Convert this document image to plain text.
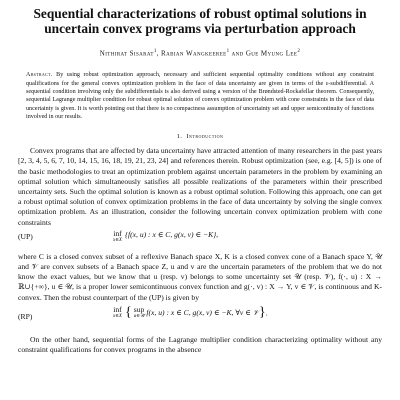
Sequential characterizations of robust optimal solutions in
uncertain convex programs via perturbation approach
Nithirat Sisarat$^1$, Rabian Wangkeeree$^1$ and Gue Myung Lee$^2$
Abstract. By using robust optimization approach, necessary and sufficient sequential optimality conditions without any constraint qualifications for the general convex optimization problem in the face of data uncertainty are given in terms of the ε-subdifferential. A sequential condition involving only the subdifferentials is also derived using a version of the Brøndsted-Rockafellar theorem. Consequently, sequential Lagrange multiplier condition for robust optimal solution of convex optimization problem with cone constraints in the face of data uncertainty is given. It is worth pointing out that there is no compactness assumption of uncertainty set and upper semicontinuity of functions involved in our results.
1. Introduction

Convex programs that are affected by data uncertainty have attracted attention of many researchers in the past years [2, 3, 4, 5, 6, 7, 10, 14, 15, 16, 18, 19, 21, 23, 24] and references therein. Robust optimization (see, e.g. [4, 5]) is one of the basic methodologies to treat an optimization problem against uncertain parameters in the problem by examining an optimal solution which simultaneously satisfies all possible realizations of the parameters within their prescribed uncertainty sets. Such the optimal solution is known as a robust optimal solution. Following this approach, one can get a robust optimal solution of convex optimization problems in the face of data uncertainty by solving the single convex optimization problem. As an illustration, consider the following uncertain convex optimization problem with cone constraints

(UP)	inf
x∈X
{f(x, u) : x ∈ C, g(x, v) ∈ −K},

where C is a closed convex subset of a reflexive Banach space X, K is a closed convex cone of a Banach space Y, 𝒰 and 𝒱 are convex subsets of a Banach space Z, u and v are the uncertain parameters of the problem that we do not know the exact values, but we know that u (resp. v) belongs to some uncertainty set 𝒰 (resp. 𝒱), f(·, u) : X → ℝ∪{+∞}, u ∈ 𝒰, is a proper lower semicontinuous convex function and g(·, v) : X → Y, v ∈ 𝒱, is continuous and K-convex. Then the robust counterpart of the (UP) is given by

(RP)
inf
x∈X { sup
u∈𝒰 f(x, u) : x ∈ C, g(x, v) ∈ −K, ∀v ∈ 𝒱}.

On the other hand, sequential forms of the Lagrange multiplier condition characterizing optimality without any constraint qualifications for convex programs in the absence
